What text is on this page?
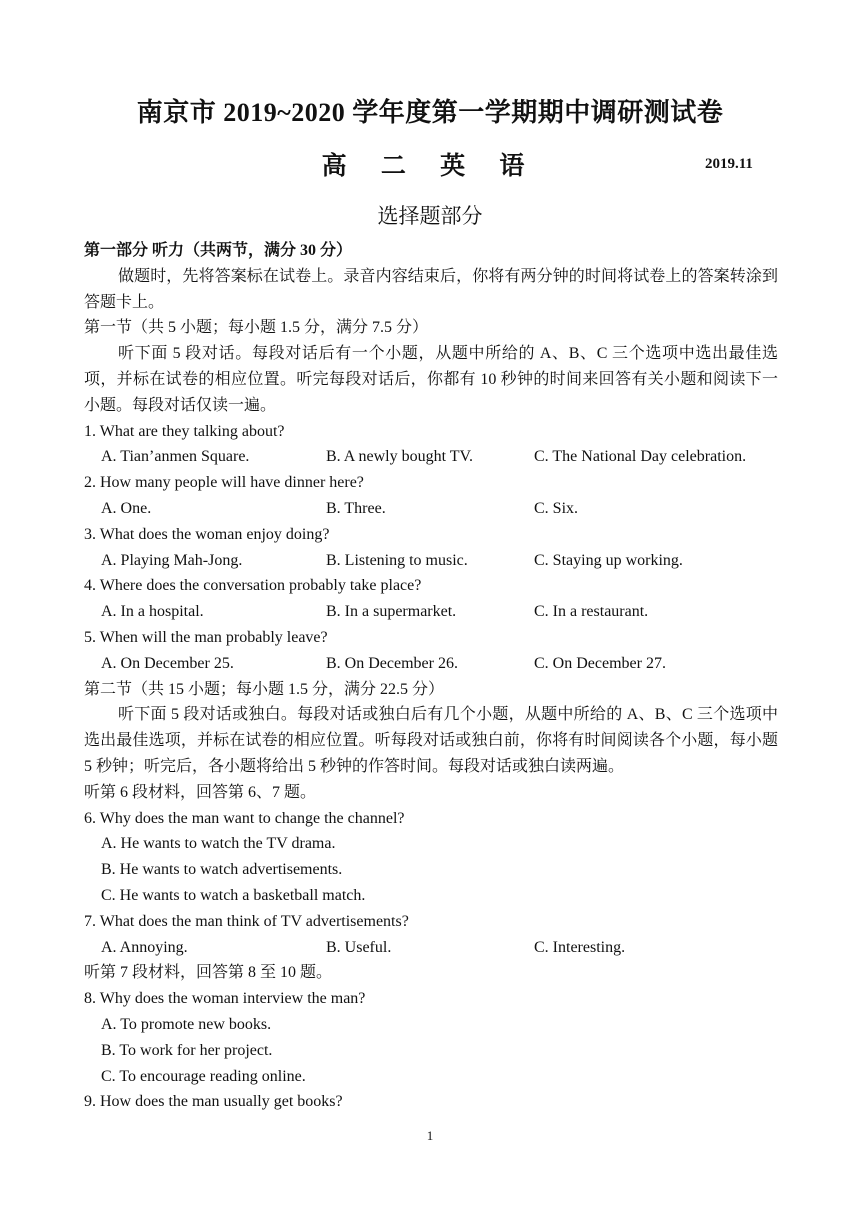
南京市 2019~2020 学年度第一学期期中调研测试卷
高 二 英 语	2019.11
选择题部分
第一部分 听力（共两节，满分 30 分）
做题时，先将答案标在试卷上。录音内容结束后，你将有两分钟的时间将试卷上的答案转涂到答题卡上。
第一节（共 5 小题；每小题 1.5 分，满分 7.5 分）
听下面 5 段对话。每段对话后有一个小题，从题中所给的 A、B、C 三个选项中选出最佳选项，并标在试卷的相应位置。听完每段对话后，你都有 10 秒钟的时间来回答有关小题和阅读下一小题。每段对话仅读一遍。
1. What are they talking about?
A. Tian’anmen Square.	B. A newly bought TV.	C. The National Day celebration.
2. How many people will have dinner here?
A. One.	B. Three.	C. Six.
3. What does the woman enjoy doing?
A. Playing Mah-Jong.	B. Listening to music.	C. Staying up working.
4. Where does the conversation probably take place?
A. In a hospital.	B. In a supermarket.	C. In a restaurant.
5. When will the man probably leave?
A. On December 25.	B. On December 26.	C. On December 27.
第二节（共 15 小题；每小题 1.5 分，满分 22.5 分）
听下面 5 段对话或独白。每段对话或独白后有几个小题，从题中所给的 A、B、C 三个选项中选出最佳选项，并标在试卷的相应位置。听每段对话或独白前，你将有时间阅读各个小题，每小题 5 秒钟；听完后，各小题将给出 5 秒钟的作答时间。每段对话或独白读两遍。
听第 6 段材料，回答第 6、7 题。
6. Why does the man want to change the channel?
A. He wants to watch the TV drama.
B. He wants to watch advertisements.
C. He wants to watch a basketball match.
7. What does the man think of TV advertisements?
A. Annoying.	B. Useful.	C. Interesting.
听第 7 段材料，回答第 8 至 10 题。
8. Why does the woman interview the man?
A. To promote new books.
B. To work for her project.
C. To encourage reading online.
9. How does the man usually get books?
1
